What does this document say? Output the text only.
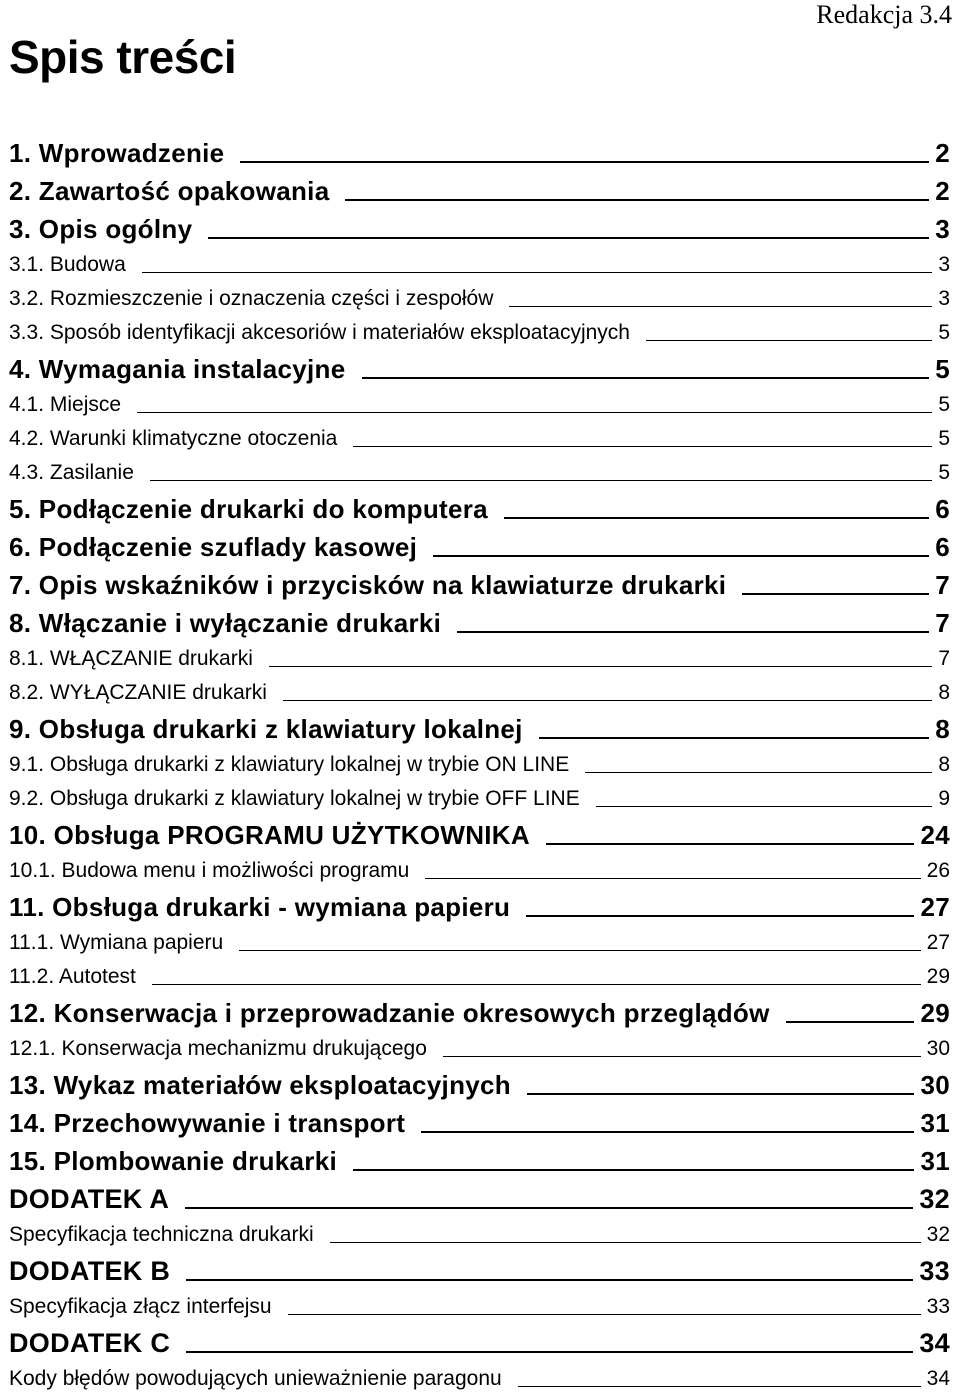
Redakcja 3.4
Spis treści
1. Wprowadzenie	2
2. Zawartość opakowania	2
3. Opis ogólny	3
3.1. Budowa	3
3.2. Rozmieszczenie i oznaczenia części i zespołów	3
3.3. Sposób identyfikacji akcesoriów i materiałów eksploatacyjnych	5
4. Wymagania instalacyjne	5
4.1. Miejsce	5
4.2. Warunki klimatyczne otoczenia	5
4.3. Zasilanie	5
5. Podłączenie drukarki do komputera	6
6. Podłączenie szuflady kasowej	6
7. Opis wskaźników i przycisków na klawiaturze drukarki	7
8. Włączanie i wyłączanie drukarki	7
8.1. WŁĄCZANIE drukarki	7
8.2. WYŁĄCZANIE drukarki	8
9. Obsługa drukarki z klawiatury lokalnej	8
9.1. Obsługa drukarki z klawiatury lokalnej w trybie ON LINE	8
9.2. Obsługa drukarki z klawiatury lokalnej w trybie OFF LINE	9
10. Obsługa PROGRAMU UŻYTKOWNIKA	24
10.1. Budowa menu i możliwości programu	26
11. Obsługa drukarki - wymiana papieru	27
11.1. Wymiana papieru	27
11.2. Autotest	29
12. Konserwacja i przeprowadzanie okresowych przeglądów	29
12.1. Konserwacja mechanizmu drukującego	30
13. Wykaz materiałów eksploatacyjnych	30
14. Przechowywanie i transport	31
15. Plombowanie drukarki	31
DODATEK A	32
Specyfikacja techniczna drukarki	32
DODATEK B	33
Specyfikacja złącz interfejsu	33
DODATEK C	34
Kody błędów powodujących unieważnienie paragonu	34
